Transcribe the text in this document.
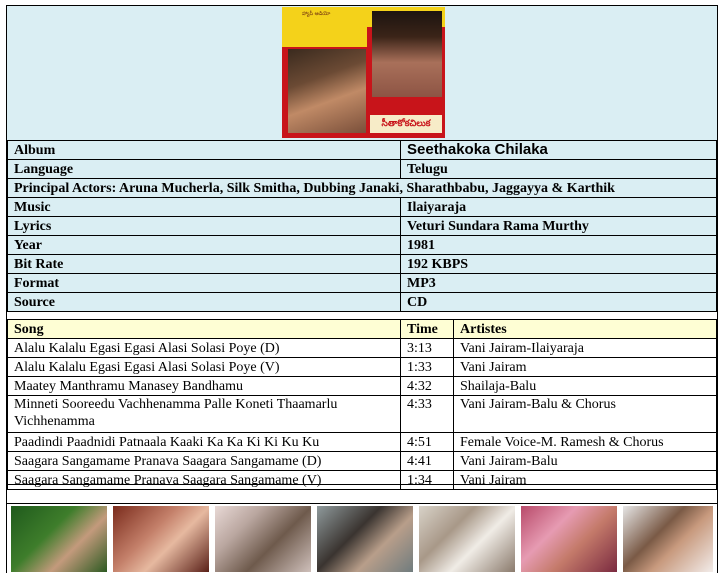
హ్యాపీ ఆడియో
సీతాకోకచిలుక
Album	Seethakoka Chilaka
Language	Telugu
Principal Actors: Aruna Mucherla, Silk Smitha, Dubbing Janaki, Sharathbabu, Jaggayya & Karthik	
Music	Ilaiyaraja
Lyrics	Veturi Sundara Rama Murthy
Year	1981
Bit Rate	192 KBPS
Format	MP3
Source	CD
Song	Time	Artistes
Alalu Kalalu Egasi Egasi Alasi Solasi Poye (D)	3:13	Vani Jairam-Ilaiyaraja
Alalu Kalalu Egasi Egasi Alasi Solasi Poye (V)	1:33	Vani Jairam
Maatey Manthramu Manasey Bandhamu	4:32	Shailaja-Balu
Minneti Sooreedu Vachhenamma Palle Koneti Thaamarlu Vichhenamma	4:33	Vani Jairam-Balu & Chorus
Paadindi Paadnidi Patnaala Kaaki Ka Ka Ki Ki Ku Ku	4:51	Female Voice-M. Ramesh & Chorus
Saagara Sangamame Pranava Saagara Sangamame (D)	4:41	Vani Jairam-Balu
Saagara Sangamame Pranava Saagara Sangamame (V)	1:34	Vani Jairam
